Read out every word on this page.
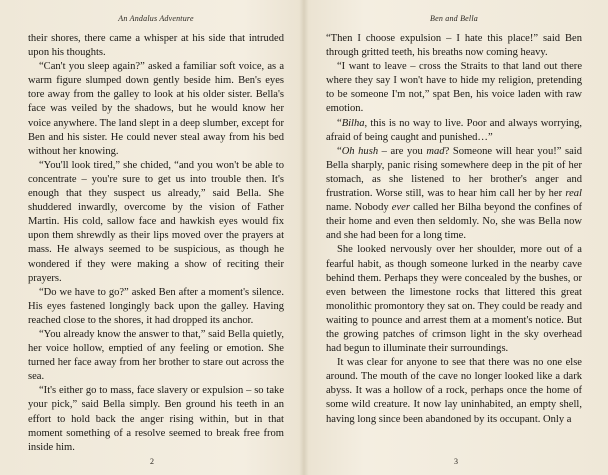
An Andalus Adventure

their shores, there came a whisper at his side that intruded upon his thoughts.

“Can't you sleep again?” asked a familiar soft voice, as a warm figure slumped down gently beside him. Ben's eyes tore away from the galley to look at his older sister. Bella's face was veiled by the shadows, but he would know her voice anywhere. The land slept in a deep slumber, except for Ben and his sister. He could never steal away from his bed without her knowing.

“You'll look tired,” she chided, “and you won't be able to concentrate – you're sure to get us into trouble then. It's enough that they suspect us already,” said Bella. She shuddered inwardly, overcome by the vision of Father Martin. His cold, sallow face and hawkish eyes would fix upon them shrewdly as their lips moved over the prayers at mass. He always seemed to be suspicious, as though he wondered if they were making a show of reciting their prayers.

“Do we have to go?” asked Ben after a moment's silence. His eyes fastened longingly back upon the galley. Having reached close to the shores, it had dropped its anchor.

“You already know the answer to that,” said Bella quietly, her voice hollow, emptied of any feeling or emotion. She turned her face away from her brother to stare out across the sea.

“It's either go to mass, face slavery or expulsion – so take your pick,” said Bella simply. Ben ground his teeth in an effort to hold back the anger rising within, but in that moment something of a resolve seemed to break free from inside him.

2
Ben and Bella

“Then I choose expulsion – I hate this place!” said Ben through gritted teeth, his breaths now coming heavy.

“I want to leave – cross the Straits to that land out there where they say I won't have to hide my religion, pretending to be someone I'm not,” spat Ben, his voice laden with raw emotion.

“Bilha, this is no way to live. Poor and always worrying, afraid of being caught and punished…”

“Oh hush – are you mad? Someone will hear you!” said Bella sharply, panic rising somewhere deep in the pit of her stomach, as she listened to her brother's anger and frustration. Worse still, was to hear him call her by her real name. Nobody ever called her Bilha beyond the confines of their home and even then seldomly. No, she was Bella now and she had been for a long time.

She looked nervously over her shoulder, more out of a fearful habit, as though someone lurked in the nearby cave behind them. Perhaps they were concealed by the bushes, or even between the limestone rocks that littered this great monolithic promontory they sat on. They could be ready and waiting to pounce and arrest them at a moment's notice. But the growing patches of crimson light in the sky overhead had begun to illuminate their surroundings.

It was clear for anyone to see that there was no one else around. The mouth of the cave no longer looked like a dark abyss. It was a hollow of a rock, perhaps once the home of some wild creature. It now lay uninhabited, an empty shell, having long since been abandoned by its occupant. Only a

3
